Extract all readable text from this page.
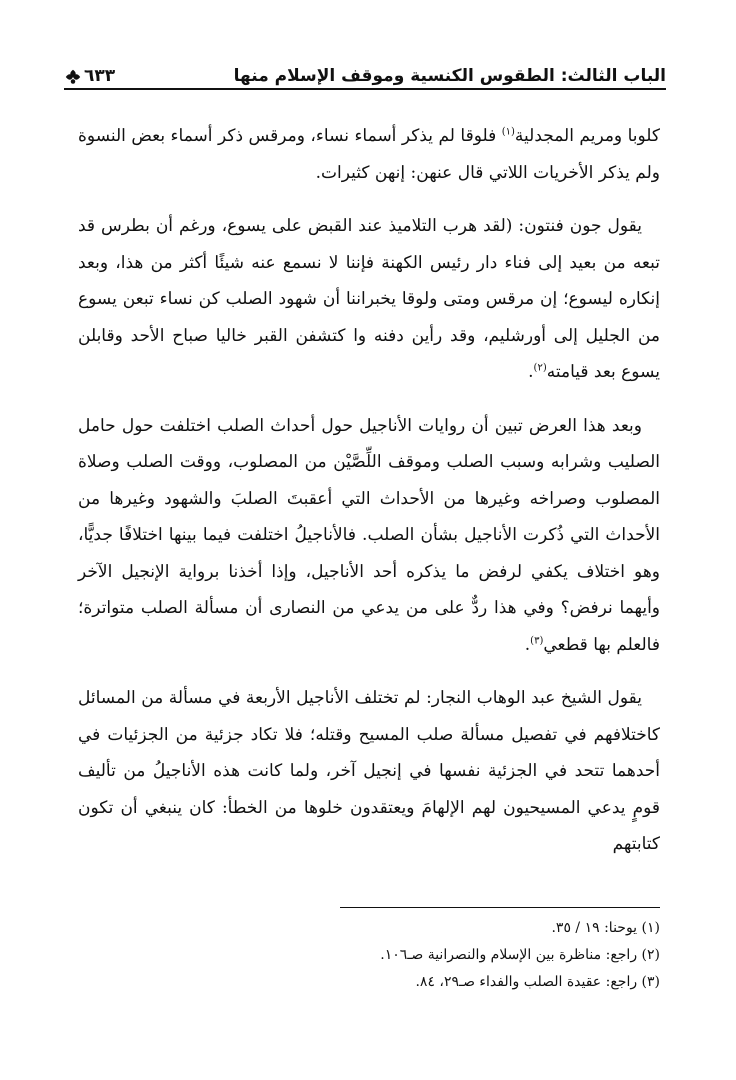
الباب الثالث: الطقوس الكنسية وموقف الإسلام منها
٦٣٣

كلوبا ومريم المجدلية$^{(١)}$ فلوقا لم يذكر أسماء نساء، ومرقس ذكر أسماء بعض النسوة ولم يذكر الأخريات اللاتي قال عنهن: إنهن كثيرات.

يقول جون فنتون: (لقد هرب التلاميذ عند القبض على يسوع، ورغم أن بطرس قد تبعه من بعيد إلى فناء دار رئيس الكهنة فإننا لا نسمع عنه شيئًا أكثر من هذا، وبعد إنكاره ليسوع؛ إن مرقس ومتى ولوقا يخبراننا أن شهود الصلب كن نساء تبعن يسوع من الجليل إلى أورشليم، وقد رأين دفنه وا كتشفن القبر خاليا صباح الأحد وقابلن يسوع بعد قيامته$^{(٢)}$.

وبعد هذا العرض تبين أن روايات الأناجيل حول أحداث الصلب اختلفت حول حامل الصليب وشرابه وسبب الصلب وموقف اللِّصَّيْن من المصلوب، ووقت الصلب وصلاة المصلوب وصراخه وغيرها من الأحداث التي أعقبتَ الصلبَ والشهود وغيرها من الأحداث التي ذُكرت الأناجيل بشأن الصلب. فالأناجيلُ اختلفت فيما بينها اختلافًا جديًّا، وهو اختلاف يكفي لرفض ما يذكره أحد الأناجيل، وإذا أخذنا برواية الإنجيل الآخر وأيهما نرفض؟ وفي هذا ردٌّ على من يدعي من النصارى أن مسألة الصلب متواترة؛ فالعلم بها قطعي$^{(٣)}$.

يقول الشيخ عبد الوهاب النجار: لم تختلف الأناجيل الأربعة في مسألة من المسائل كاختلافهم في تفصيل مسألة صلب المسيح وقتله؛ فلا تكاد جزئية من الجزئيات في أحدهما تتحد في الجزئية نفسها في إنجيل آخر، ولما كانت هذه الأناجيلُ من تأليف قومٍ يدعي المسيحيون لهم الإلهامَ ويعتقدون خلوها من الخطأ: كان ينبغي أن تكون كتابتهم

(١) يوحنا: ١٩ / ٣٥.

(٢) راجع: مناظرة بين الإسلام والنصرانية صـ١٠٦.

(٣) راجع: عقيدة الصلب والفداء صـ٢٩، ٨٤.
